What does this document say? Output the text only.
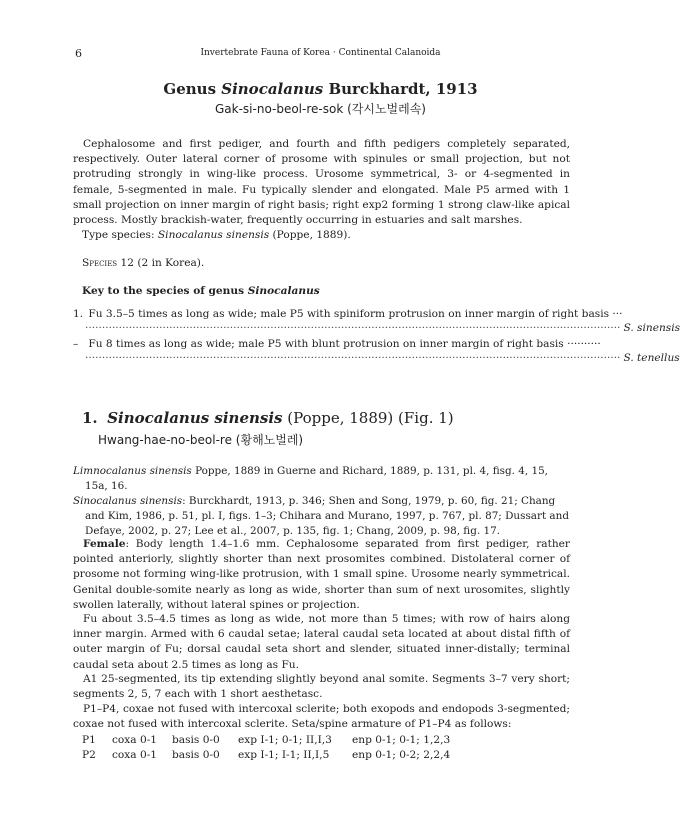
6	Invertebrate Fauna of Korea · Continental Calanoida
Genus Sinocalanus Burckhardt, 1913
Gak-si-no-beol-re-sok (각시노벌레속)
Cephalosome and first pediger, and fourth and fifth pedigers completely separated, respectively. Outer lateral corner of prosome with spinules or small projection, but not protruding strongly in wing-like process. Urosome symmetrical, 3- or 4-segmented in female, 5-segmented in male. Fu typically slender and elongated. Male P5 armed with 1 small projection on inner margin of right basis; right exp2 forming 1 strong claw-like apical process. Mostly brackish-water, frequently occurring in estuaries and salt marshes.
Type species: Sinocalanus sinensis (Poppe, 1889).
Species 12 (2 in Korea).
Key to the species of genus Sinocalanus
1. Fu 3.5–5 times as long as wide; male P5 with spiniform protrusion on inner margin of right basis ···
······························································································································································· S. sinensis
– Fu 8 times as long as wide; male P5 with blunt protrusion on inner margin of right basis ··········
······························································································································································· S. tenellus
1. Sinocalanus sinensis (Poppe, 1889) (Fig. 1)
Hwang-hae-no-beol-re (황해노벌레)
Limnocalanus sinensis Poppe, 1889 in Guerne and Richard, 1889, p. 131, pl. 4, fisg. 4, 15, 15a, 16.
Sinocalanus sinensis: Burckhardt, 1913, p. 346; Shen and Song, 1979, p. 60, fig. 21; Chang and Kim, 1986, p. 51, pl. I, figs. 1–3; Chihara and Murano, 1997, p. 767, pl. 87; Dussart and Defaye, 2002, p. 27; Lee et al., 2007, p. 135, fig. 1; Chang, 2009, p. 98, fig. 17.
Female: Body length 1.4–1.6 mm. Cephalosome separated from first pediger, rather pointed anteriorly, slightly shorter than next prosomites combined. Distolateral corner of prosome not forming wing-like protrusion, with 1 small spine. Urosome nearly symmetrical. Genital double-somite nearly as long as wide, shorter than sum of next urosomites, slightly swollen laterally, without lateral spines or projection.
Fu about 3.5–4.5 times as long as wide, not more than 5 times; with row of hairs along inner margin. Armed with 6 caudal setae; lateral caudal seta located at about distal fifth of outer margin of Fu; dorsal caudal seta short and slender, situated inner-distally; terminal caudal seta about 2.5 times as long as Fu.
A1 25-segmented, its tip extending slightly beyond anal somite. Segments 3–7 very short; segments 2, 5, 7 each with 1 short aesthetasc.
P1–P4, coxae not fused with intercoxal sclerite; both exopods and endopods 3-segmented; coxae not fused with intercoxal sclerite. Seta/spine armature of P1–P4 as follows:
P1	coxa 0-1	basis 0-0	exp I-1; 0-1; II,I,3	enp 0-1; 0-1; 1,2,3
P2	coxa 0-1	basis 0-0	exp I-1; I-1; II,I,5	enp 0-1; 0-2; 2,2,4
